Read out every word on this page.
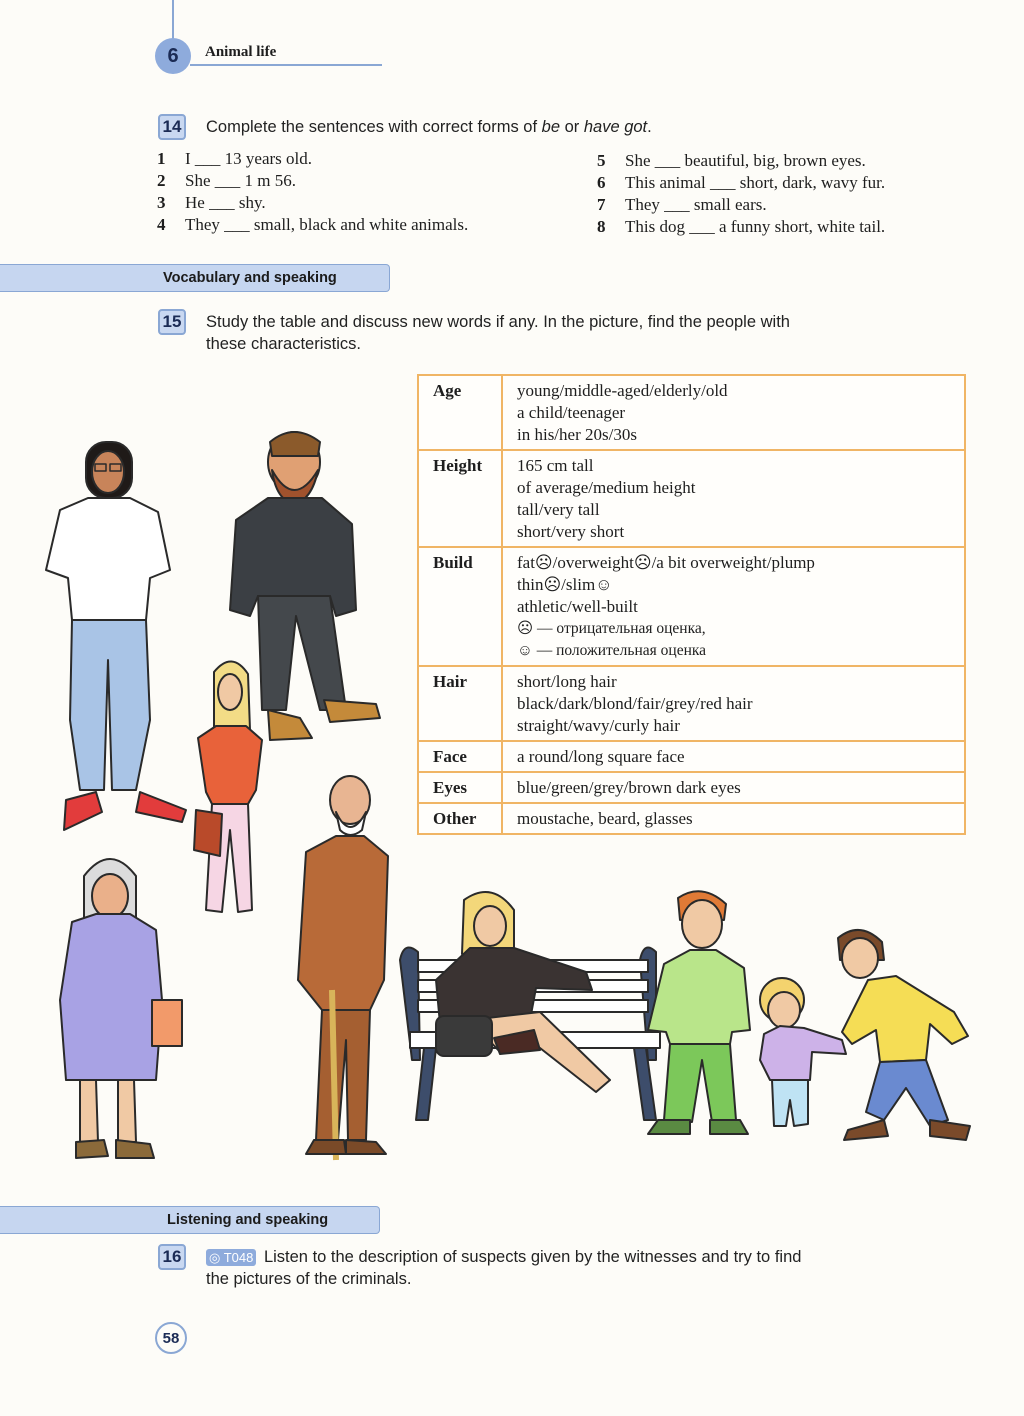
6	Animal life
14 Complete the sentences with correct forms of be or have got.
1	I ___ 13 years old.
2	She ___ 1 m 56.
3	He ___ shy.
4	They ___ small, black and white animals.
5	She ___ beautiful, big, brown eyes.
6	This animal ___ short, dark, wavy fur.
7	They ___ small ears.
8	This dog ___ a funny short, white tail.
Vocabulary and speaking
15 Study the table and discuss new words if any. In the picture, find the people with
these characteristics.
Age	young/middle-aged/elderly/old
a child/teenager
in his/her 20s/30s

Height	165 cm tall
of average/medium height
tall/very tall
short/very short

Build	fat☹/overweight☹/a bit overweight/plump
thin☹/slim☺
athletic/well-built
☹ — отрицательная оценка,
☺ — положительная оценка

Hair	short/long hair
black/dark/blond/fair/grey/red hair
straight/wavy/curly hair

Face	a round/long square face

Eyes	blue/green/grey/brown dark eyes

Other	moustache, beard, glasses
Listening and speaking
16	◎ T048 Listen to the description of suspects given by the witnesses and try to find
the pictures of the criminals.
58
